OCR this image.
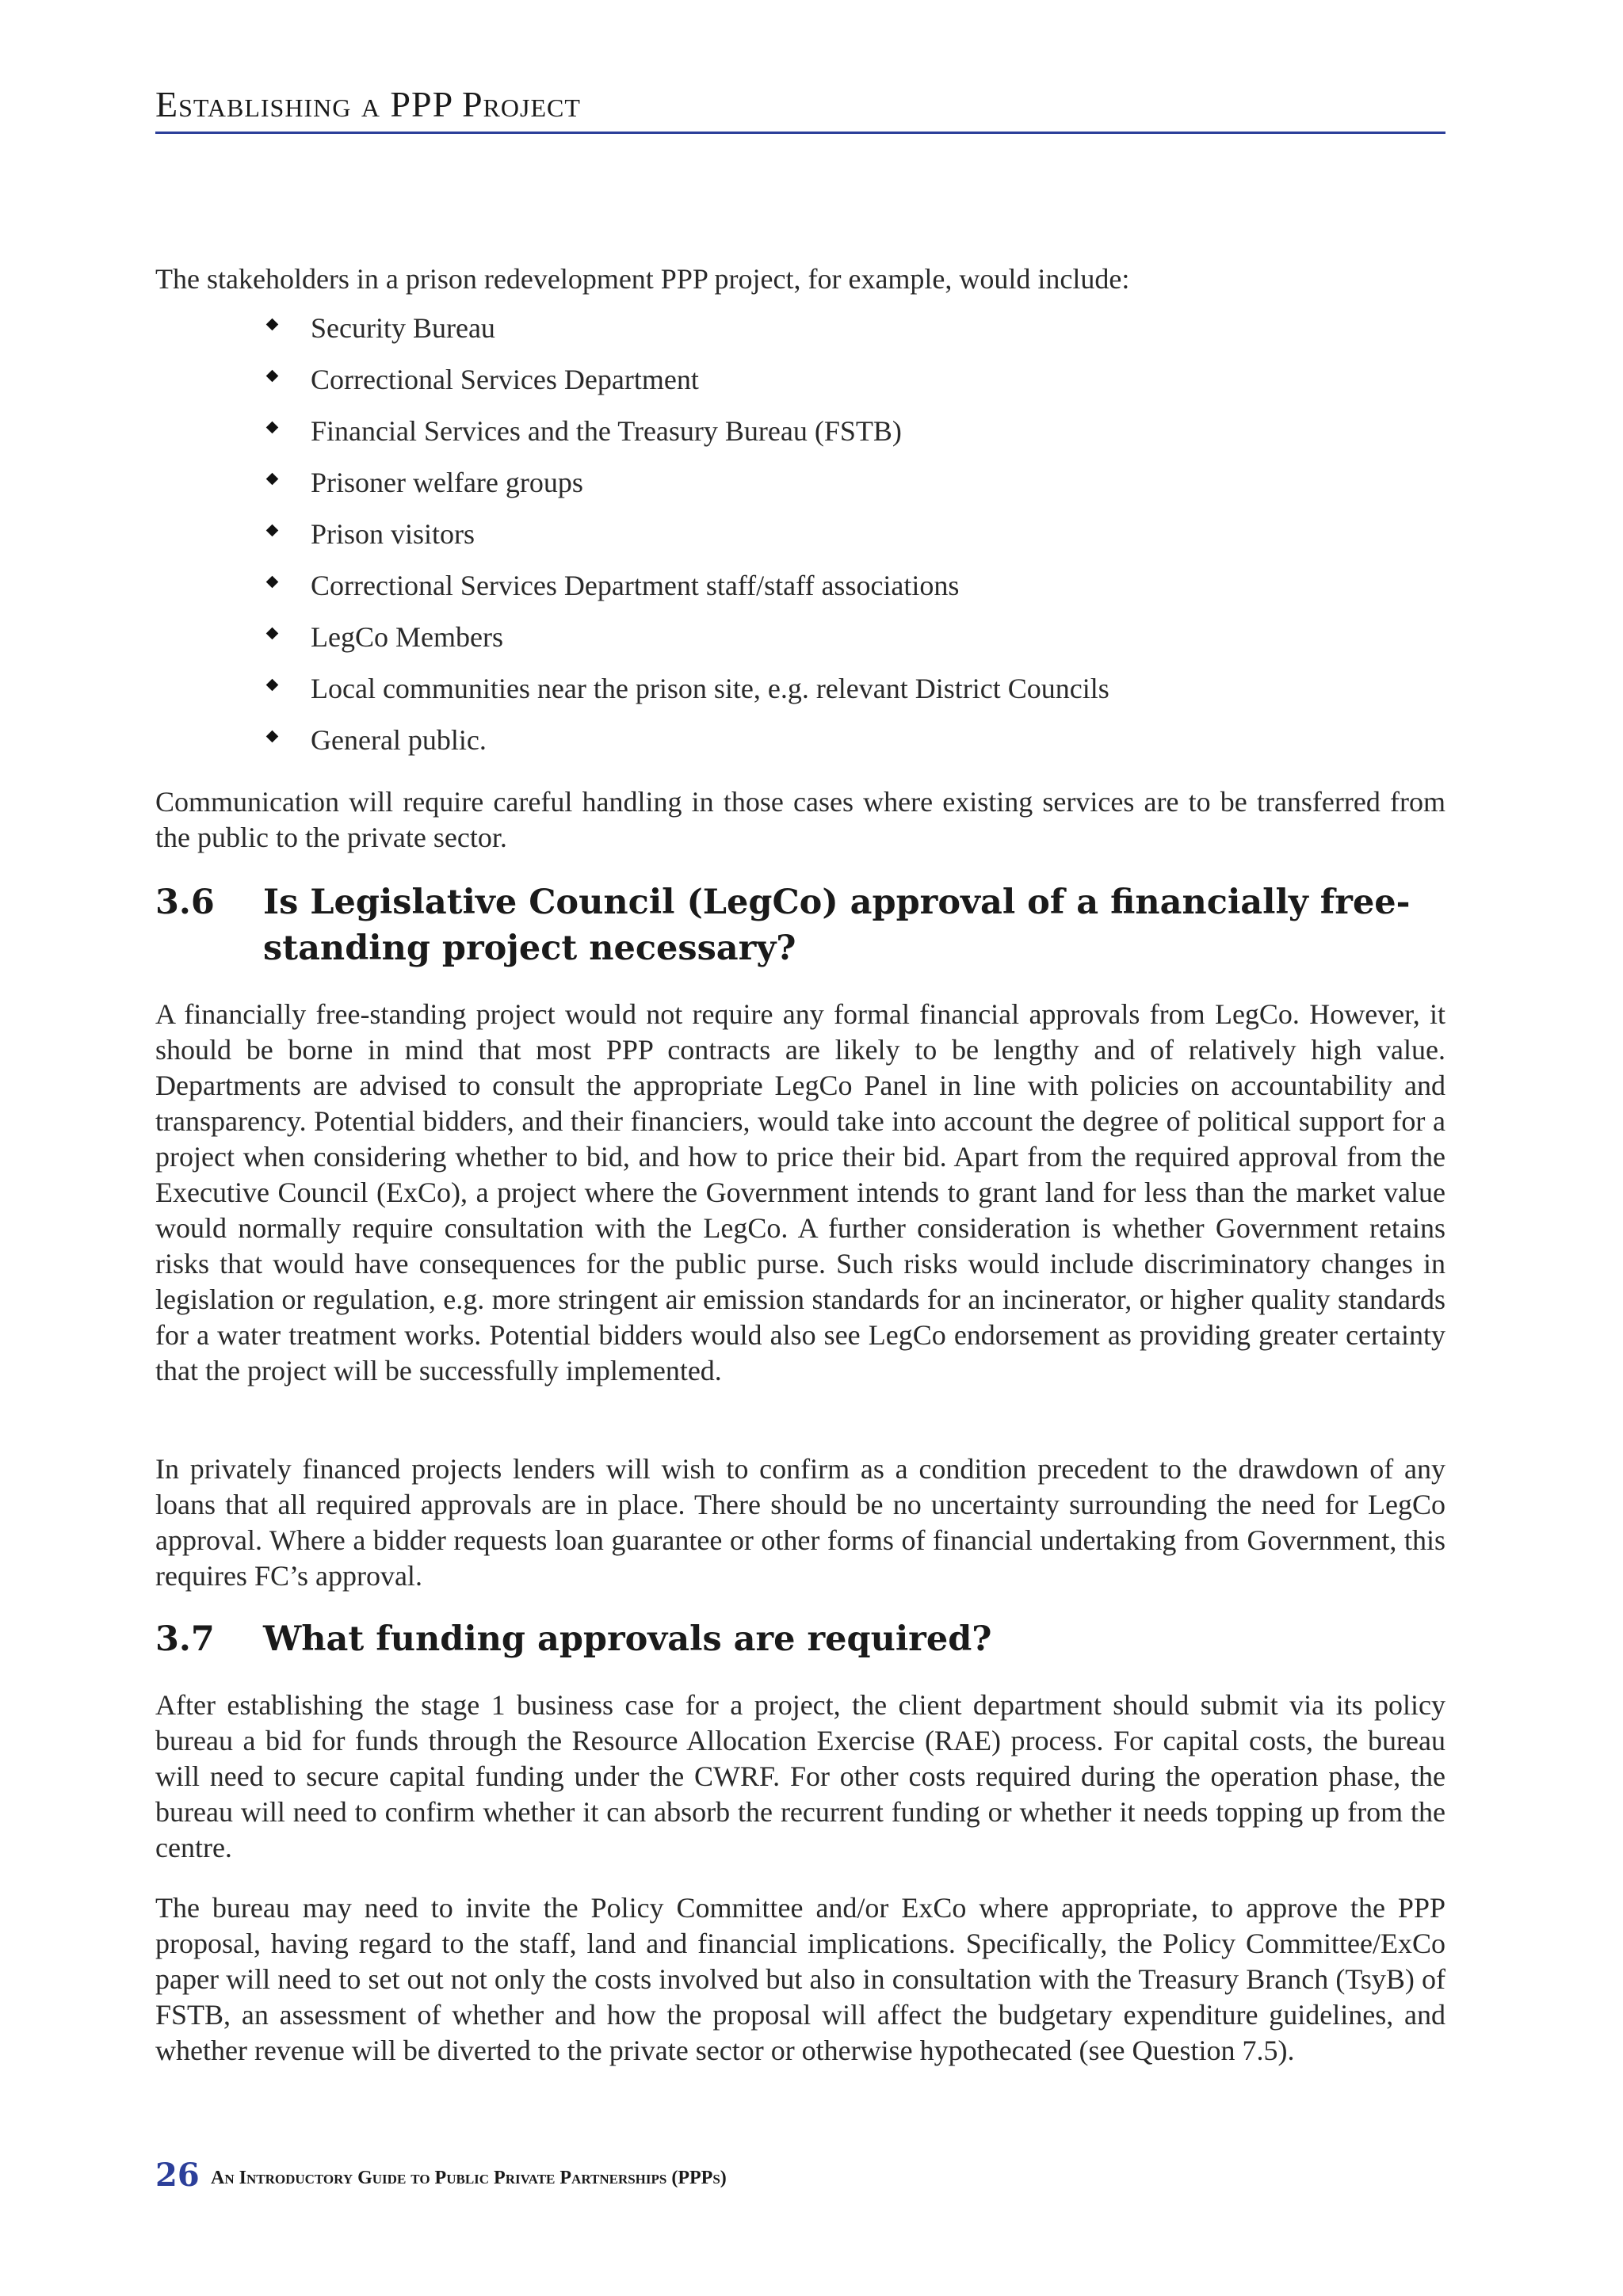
Establishing a PPP Project

The stakeholders in a prison redevelopment PPP project, for example, would include:

Security Bureau
Correctional Services Department
Financial Services and the Treasury Bureau (FSTB)
Prisoner welfare groups
Prison visitors
Correctional Services Department staff/staff associations
LegCo Members
Local communities near the prison site, e.g. relevant District Councils
General public.

Communication will require careful handling in those cases where existing services are to be transferred from the public to the private sector.

3.6 Is Legislative Council (LegCo) approval of a financially free-standing project necessary?

A financially free-standing project would not require any formal financial approvals from LegCo. However, it should be borne in mind that most PPP contracts are likely to be lengthy and of relatively high value. Departments are advised to consult the appropriate LegCo Panel in line with policies on accountability and transparency. Potential bidders, and their financiers, would take into account the degree of political support for a project when considering whether to bid, and how to price their bid. Apart from the required approval from the Executive Council (ExCo), a project where the Government intends to grant land for less than the market value would normally require consultation with the LegCo. A further consideration is whether Government retains risks that would have consequences for the public purse. Such risks would include discriminatory changes in legislation or regulation, e.g. more stringent air emission standards for an incinerator, or higher quality standards for a water treatment works. Potential bidders would also see LegCo endorsement as providing greater certainty that the project will be successfully implemented.

In privately financed projects lenders will wish to confirm as a condition precedent to the drawdown of any loans that all required approvals are in place. There should be no uncertainty surrounding the need for LegCo approval. Where a bidder requests loan guarantee or other forms of financial undertaking from Government, this requires FC’s approval.

3.7 What funding approvals are required?

After establishing the stage 1 business case for a project, the client department should submit via its policy bureau a bid for funds through the Resource Allocation Exercise (RAE) process. For capital costs, the bureau will need to secure capital funding under the CWRF. For other costs required during the operation phase, the bureau will need to confirm whether it can absorb the recurrent funding or whether it needs topping up from the centre.

The bureau may need to invite the Policy Committee and/or ExCo where appropriate, to approve the PPP proposal, having regard to the staff, land and financial implications. Specifically, the Policy Committee/ExCo paper will need to set out not only the costs involved but also in consultation with the Treasury Branch (TsyB) of FSTB, an assessment of whether and how the proposal will affect the budgetary expenditure guidelines, and whether revenue will be diverted to the private sector or otherwise hypothecated (see Question 7.5).

26 An Introductory Guide to Public Private Partnerships (PPPs)
